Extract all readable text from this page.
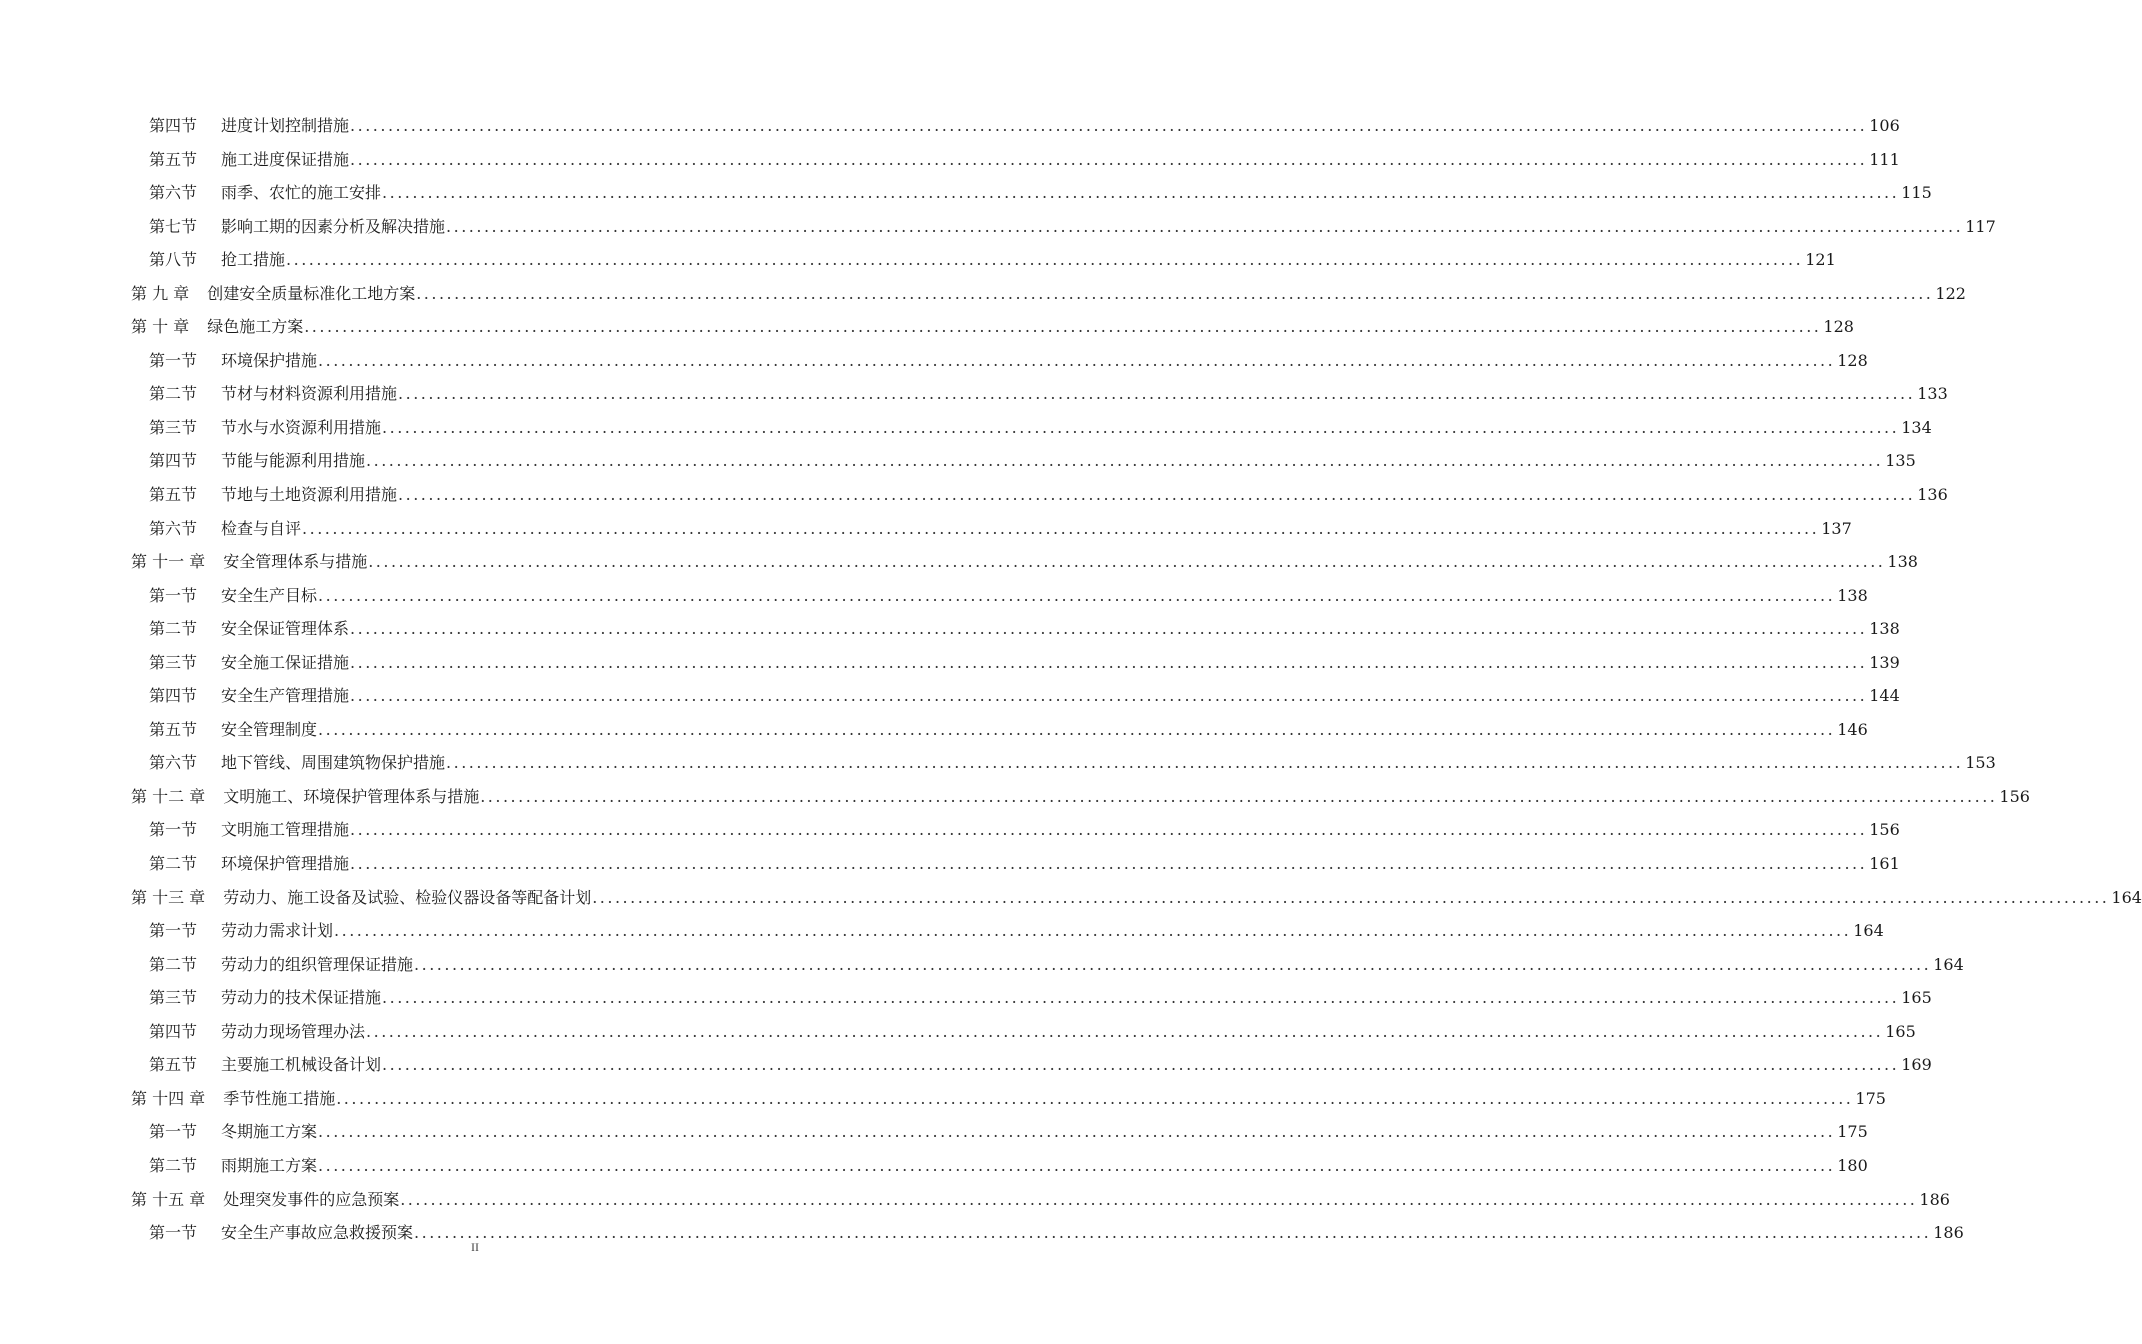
第四节	进度计划控制措施 ........................................................................................................................................................................................................ 106
第五节	施工进度保证措施 ........................................................................................................................................................................................................ 111
第六节	雨季、农忙的施工安排 ........................................................................................................................................................................................................ 115
第七节	影响工期的因素分析及解决措施 ........................................................................................................................................................................................................ 117
第八节	抢工措施 ........................................................................................................................................................................................................ 121
第 九 章 创建安全质量标准化工地方案 ........................................................................................................................................................................................................ 122
第 十 章 绿色施工方案 ........................................................................................................................................................................................................ 128
第一节	环境保护措施 ........................................................................................................................................................................................................ 128
第二节	节材与材料资源利用措施 ........................................................................................................................................................................................................ 133
第三节	节水与水资源利用措施 ........................................................................................................................................................................................................ 134
第四节	节能与能源利用措施 ........................................................................................................................................................................................................ 135
第五节	节地与土地资源利用措施 ........................................................................................................................................................................................................ 136
第六节	检查与自评 ........................................................................................................................................................................................................ 137
第 十一 章 安全管理体系与措施 ........................................................................................................................................................................................................ 138
第一节	安全生产目标 ........................................................................................................................................................................................................ 138
第二节	安全保证管理体系 ........................................................................................................................................................................................................ 138
第三节	安全施工保证措施 ........................................................................................................................................................................................................ 139
第四节	安全生产管理措施 ........................................................................................................................................................................................................ 144
第五节	安全管理制度 ........................................................................................................................................................................................................ 146
第六节	地下管线、周围建筑物保护措施 ........................................................................................................................................................................................................ 153
第 十二 章 文明施工、环境保护管理体系与措施 ........................................................................................................................................................................................................ 156
第一节	文明施工管理措施 ........................................................................................................................................................................................................ 156
第二节	环境保护管理措施 ........................................................................................................................................................................................................ 161
第 十三 章 劳动力、施工设备及试验、检验仪器设备等配备计划 ........................................................................................................................................................................................................ 164
第一节	劳动力需求计划 ........................................................................................................................................................................................................ 164
第二节	劳动力的组织管理保证措施 ........................................................................................................................................................................................................ 164
第三节	劳动力的技术保证措施 ........................................................................................................................................................................................................ 165
第四节	劳动力现场管理办法 ........................................................................................................................................................................................................ 165
第五节	主要施工机械设备计划 ........................................................................................................................................................................................................ 169
第 十四 章 季节性施工措施 ........................................................................................................................................................................................................ 175
第一节	冬期施工方案 ........................................................................................................................................................................................................ 175
第二节	雨期施工方案 ........................................................................................................................................................................................................ 180
第 十五 章 处理突发事件的应急预案 ........................................................................................................................................................................................................ 186
第一节	安全生产事故应急救援预案 ........................................................................................................................................................................................................ 186
II
